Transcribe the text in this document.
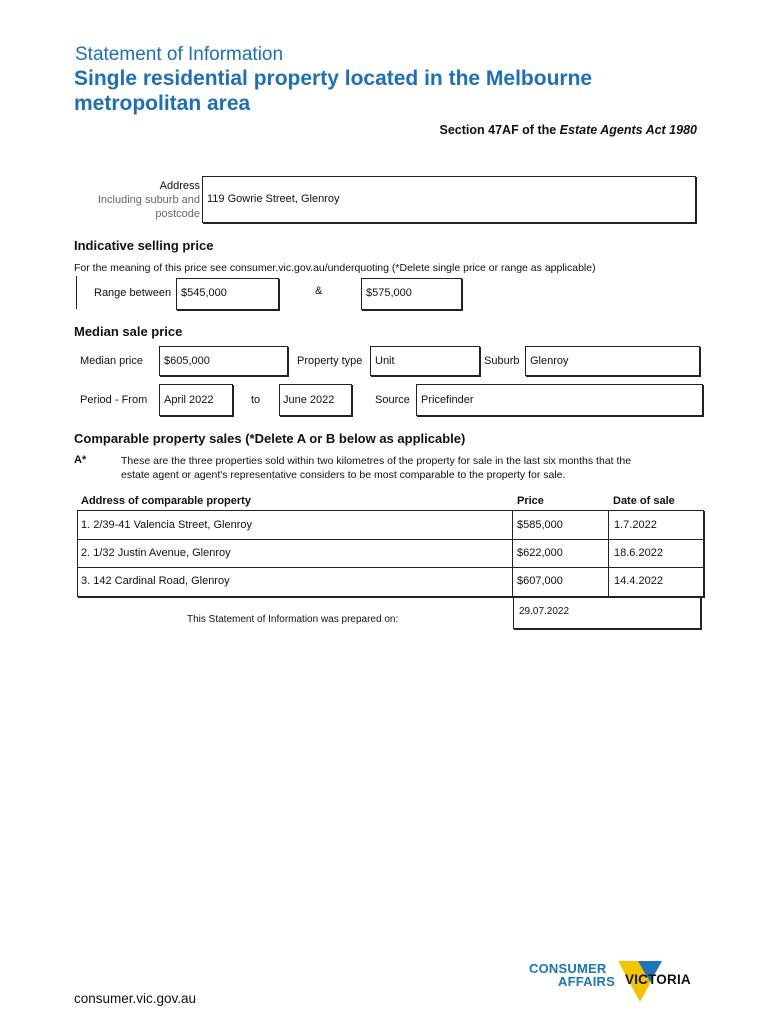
Statement of Information
Single residential property located in the Melbourne
metropolitan area
Section 47AF of the Estate Agents Act 1980
Address
Including suburb and
postcode
119 Gowrie Street, Glenroy
Indicative selling price
For the meaning of this price see consumer.vic.gov.au/underquoting (*Delete single price or range as applicable)
Range between $545,000	&	$575,000
Median sale price
Median price $605,000	Property type Unit	Suburb Glenroy
Period - From April 2022	to June 2022	Source Pricefinder
Comparable property sales (*Delete A or B below as applicable)
A*	These are the three properties sold within two kilometres of the property for sale in the last six months that the
estate agent or agent's representative considers to be most comparable to the property for sale.
Address of comparable property	Price	Date of sale
1. 2/39-41 Valencia Street, Glenroy	$585,000	1.7.2022
2. 1/32 Justin Avenue, Glenroy	$622,000	18.6.2022
3. 142 Cardinal Road, Glenroy	$607,000	14.4.2022
This Statement of Information was prepared on:
29.07.2022
consumer.vic.gov.au
CONSUMER
AFFAIRS VICTORIA
